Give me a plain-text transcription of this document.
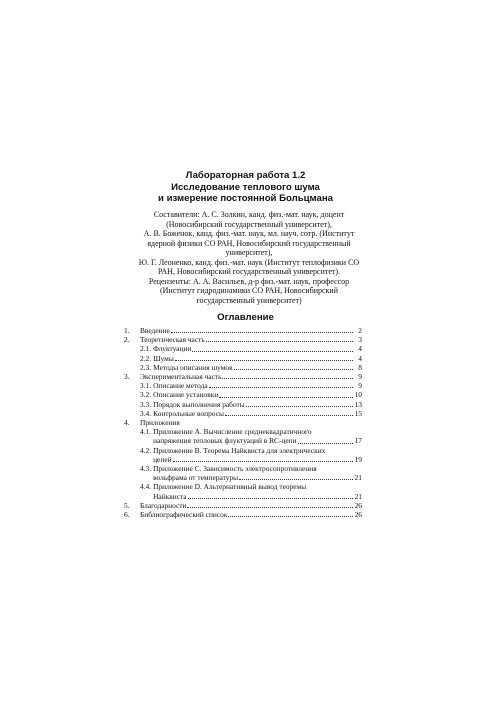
Лабораторная работа 1.2
Исследование теплового шума
и измерение постоянной Больцмана

Составители: А. С. Золкин, канд. физ.-мат. наук, доцент

(Новосибирский государственный университет),

А. В. Боженок, канд. физ.-мат. наук, мл. науч. сотр. (Институт

ядерной физики СО РАН, Новосибирский государственный

университет),

Ю. Г. Леоненко, канд. физ.-мат. наук (Институт теплофизики СО

РАН, Новосибирский государственный университет).

Рецензенты: А. А. Васильев, д-р физ.-мат. наук, профессор

(Институт гидродинамики СО РАН, Новосибирский

государственный университет)

Оглавление
1.	Введение	2
2.	Теоретическая часть	3
2.1. Флуктуации	4
2.2. Шумы	4
2.3. Методы описания шумов	8
3.	Экспериментальная часть	9
3.1. Описание метода	9
3.2. Описание установки	10
3.3. Порядок выполнения работы	13
3.4. Контрольные вопросы	15
4.	Приложения
4.1. Приложение A. Вычисление среднеквадратичного
напряжения тепловых флуктуаций в RC-цепи	17
4.2. Приложение B. Теорема Найквиста для электрических
цепей	19
4.3. Приложение C. Зависимость электросопротивления
вольфрама от температуры	21
4.4. Приложение D. Альтернативный вывод теоремы
Найквиста	21
5.	Благодарности	26
6.	Библиографический список	26
